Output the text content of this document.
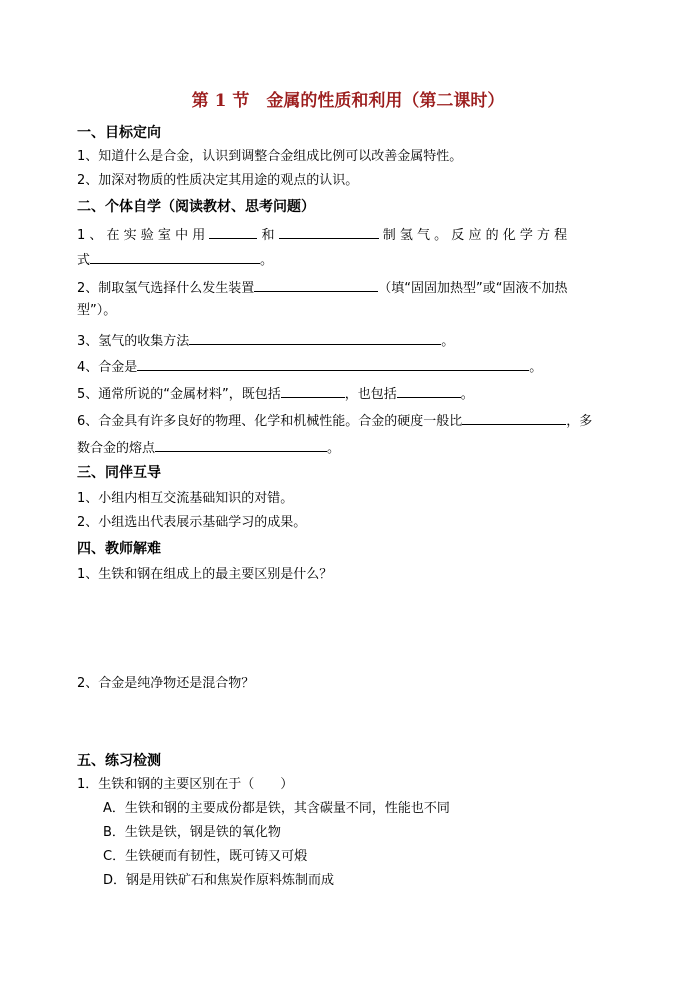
第 1 节　金属的性质和利用（第二课时）
一、目标定向
1、知道什么是合金，认识到调整合金组成比例可以改善金属特性。
2、加深对物质的性质决定其用途的观点的认识。
二、个体自学（阅读教材、思考问题）
1 、 在 实 验 室 中 用	和	制 氢 气 。 反 应 的 化 学 方 程
式	。
2、制取氢气选择什么发生装置	（填“固固加热型”或“固液不加热
型”）。
3、氢气的收集方法	。
4、合金是	。
5、通常所说的“金属材料”，既包括	，也包括	。
6、合金具有许多良好的物理、化学和机械性能。合金的硬度一般比	，多
数合金的熔点	。
三、同伴互导
1、小组内相互交流基础知识的对错。
2、小组选出代表展示基础学习的成果。
四、教师解难
1、生铁和钢在组成上的最主要区别是什么？
2、合金是纯净物还是混合物？
五、练习检测
1．生铁和钢的主要区别在于（　　）
A．生铁和钢的主要成份都是铁，其含碳量不同，性能也不同
B．生铁是铁，钢是铁的氧化物
C．生铁硬而有韧性，既可铸又可煅
D．钢是用铁矿石和焦炭作原料炼制而成
